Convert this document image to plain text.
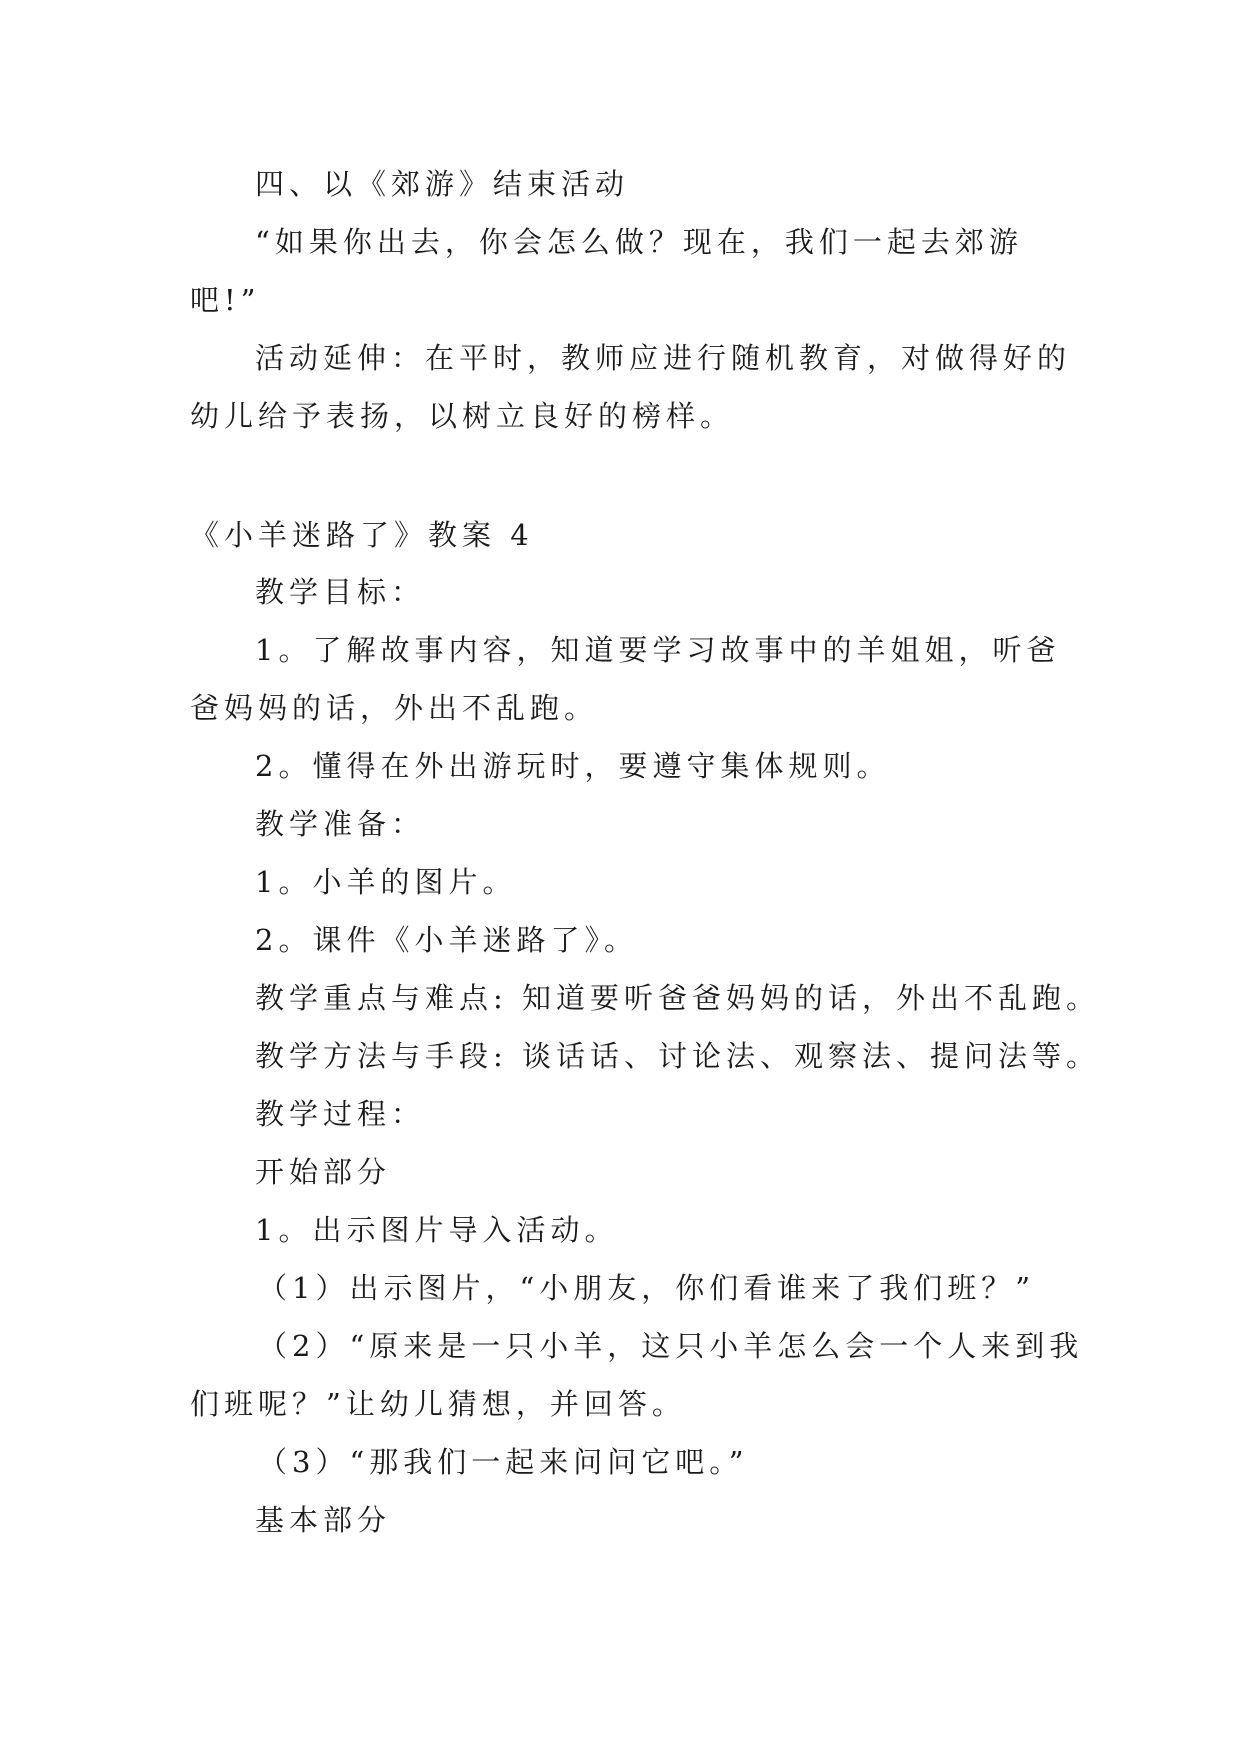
四、以《郊游》结束活动
“如果你出去，你会怎么做？现在，我们一起去郊游
吧!”
活动延伸：在平时，教师应进行随机教育，对做得好的
幼儿给予表扬，以树立良好的榜样。
《小羊迷路了》教案 4
教学目标：
1。了解故事内容，知道要学习故事中的羊姐姐，听爸
爸妈妈的话，外出不乱跑。
2。懂得在外出游玩时，要遵守集体规则。
教学准备：
1。小羊的图片。
2。课件《小羊迷路了》。
教学重点与难点: 知道要听爸爸妈妈的话，外出不乱跑。
教学方法与手段: 谈话话、讨论法、观察法、提问法等。
教学过程：
开始部分
1。出示图片导入活动。
（1）出示图片，“小朋友，你们看谁来了我们班？”
（2）“原来是一只小羊，这只小羊怎么会一个人来到我
们班呢？”让幼儿猜想，并回答。
（3）“那我们一起来问问它吧。”
基本部分
